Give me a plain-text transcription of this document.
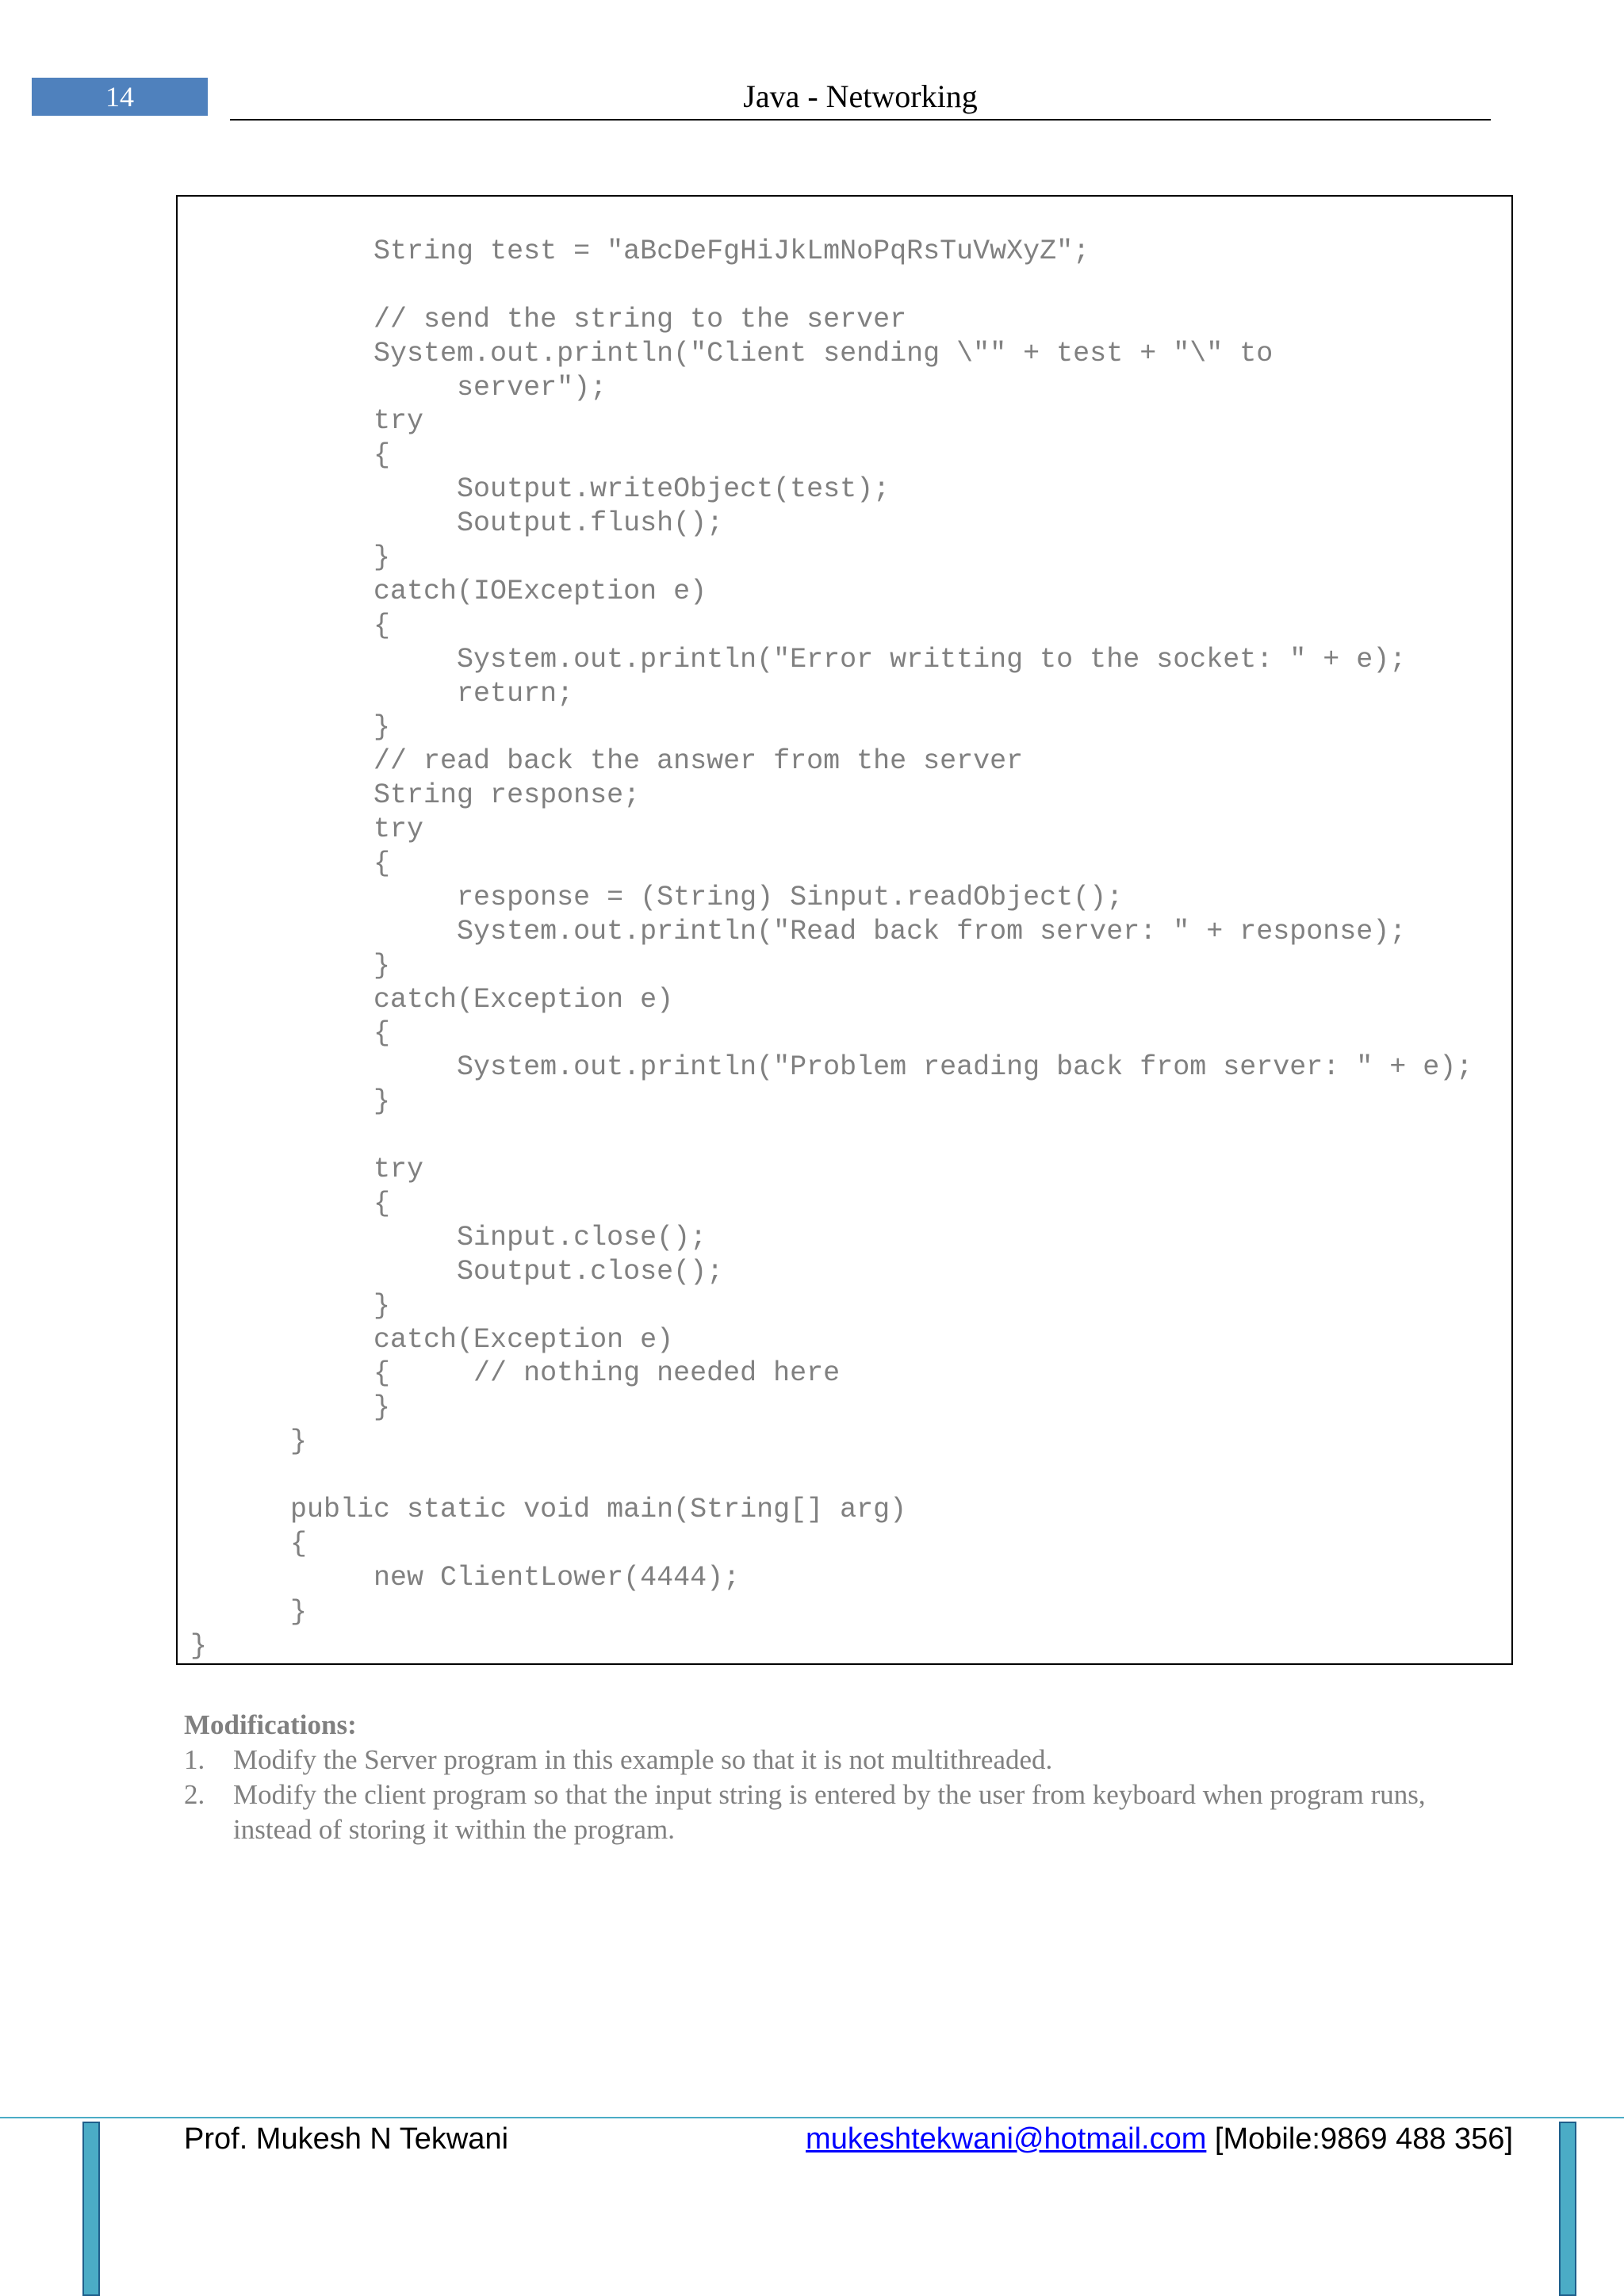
14	Java - Networking
String test = "aBcDeFgHiJkLmNoPqRsTuVwXyZ";
// send the string to the server
System.out.println("Client sending \"" + test + "\" to
server");
try
{
Soutput.writeObject(test);
Soutput.flush();
}
catch(IOException e)
{
System.out.println("Error writting to the socket: " + e);
return;
}
// read back the answer from the server
String response;
try
{
response = (String) Sinput.readObject();
System.out.println("Read back from server: " + response);
}
catch(Exception e)
{
System.out.println("Problem reading back from server: " + e);
}
try
{
Sinput.close();
Soutput.close();
}
catch(Exception e)
{     // nothing needed here
}
}
public static void main(String[] arg)
{
new ClientLower(4444);
}
}
Modifications:
1.	Modify the Server program in this example so that it is not multithreaded.
2.	Modify the client program so that the input string is entered by the user from keyboard when program runs, instead of storing it within the program.
Prof. Mukesh N Tekwani	mukeshtekwani@hotmail.com [Mobile:9869 488 356]
